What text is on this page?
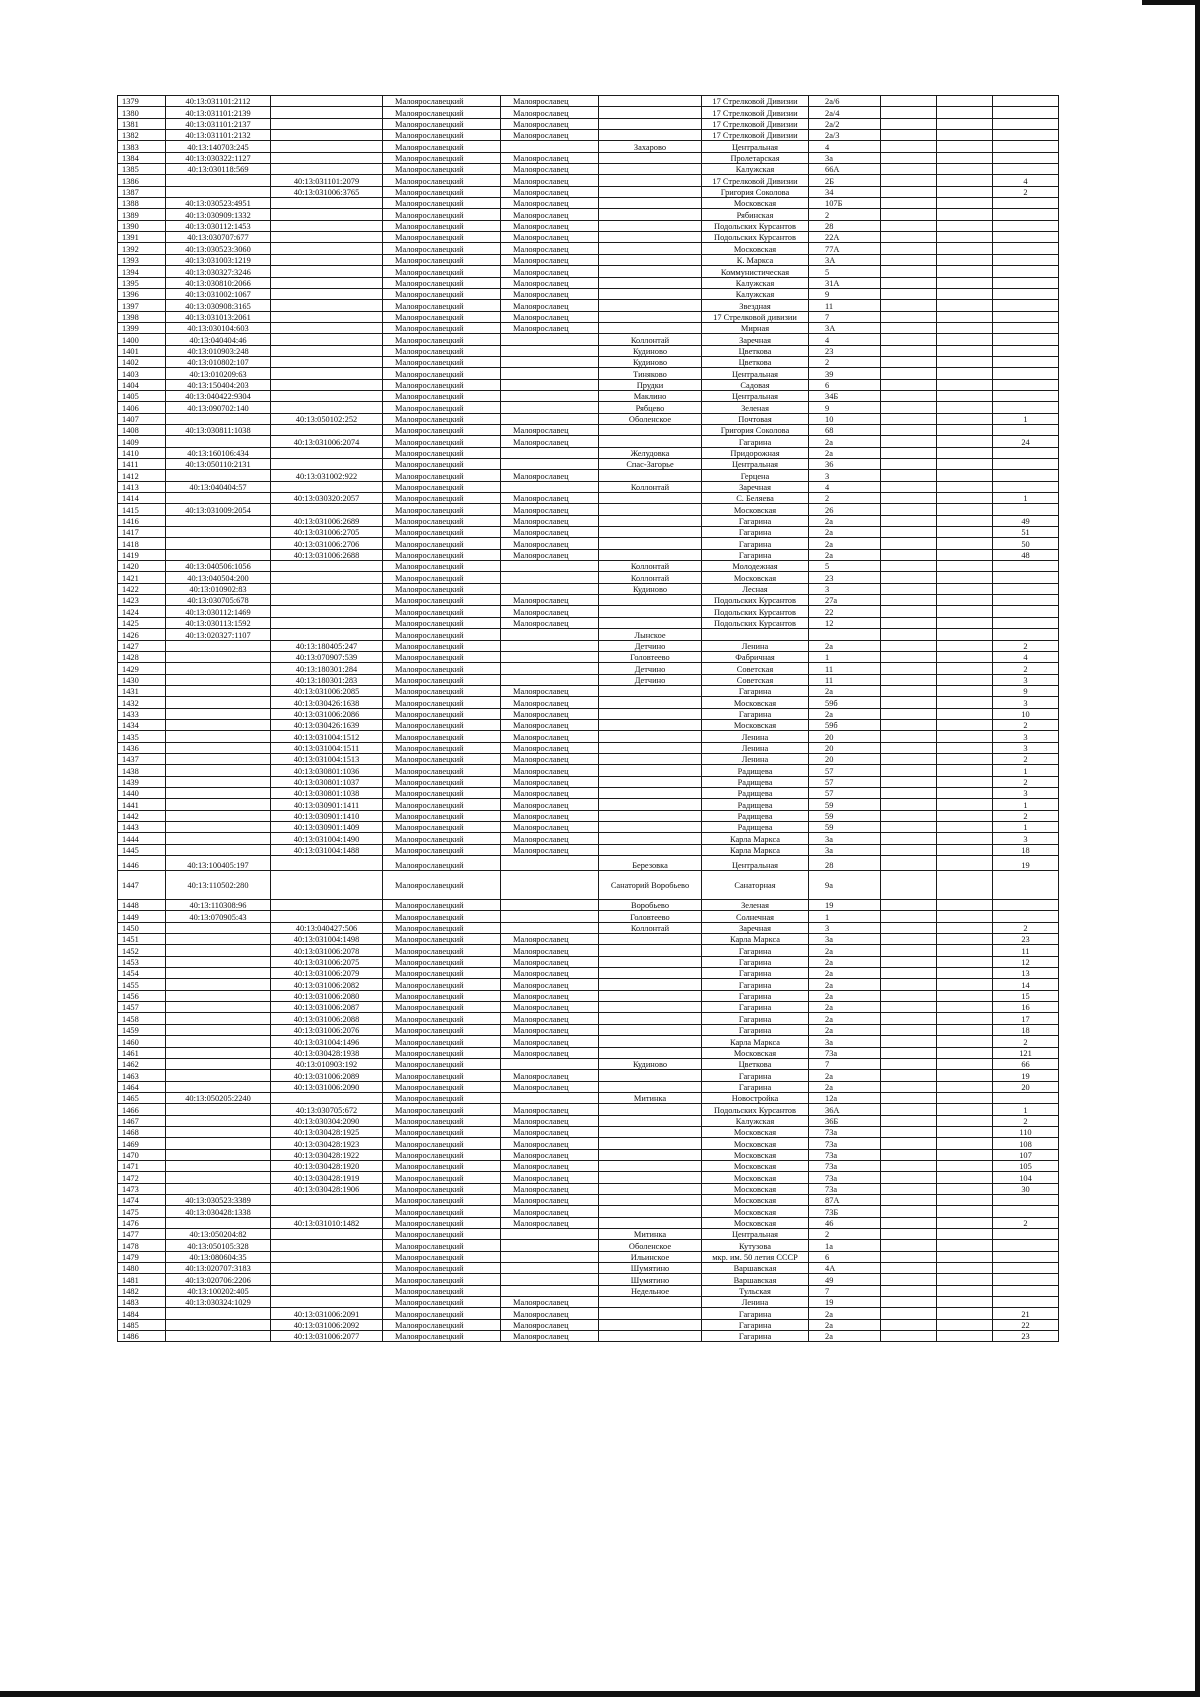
1379	40:13:031101:2112		Малоярославецкий	Малоярославец		17 Стрелковой Дивизии	2а/6			
1380	40:13:031101:2139		Малоярославецкий	Малоярославец		17 Стрелковой Дивизии	2а/4			
1381	40:13:031101:2137		Малоярославецкий	Малоярославец		17 Стрелковой Дивизии	2а/2			
1382	40:13:031101:2132		Малоярославецкий	Малоярославец		17 Стрелковой Дивизии	2а/3			
1383	40:13:140703:245		Малоярославецкий		Захарово	Центральная	4			
1384	40:13:030322:1127		Малоярославецкий	Малоярославец		Пролетарская	3а			
1385	40:13:030118:569		Малоярославецкий	Малоярославец		Калужская	66А			
1386		40:13:031101:2079	Малоярославецкий	Малоярославец		17 Стрелковой Дивизии	2Б			4
1387		40:13:031006:3765	Малоярославецкий	Малоярославец		Григория Соколова	34			2
1388	40:13:030523:4951		Малоярославецкий	Малоярославец		Московская	107Б			
1389	40:13:030909:1332		Малоярославецкий	Малоярославец		Рябинская	2			
1390	40:13:030112:1453		Малоярославецкий	Малоярославец		Подольских Курсантов	28			
1391	40:13:030707:677		Малоярославецкий	Малоярославец		Подольских Курсантов	22А			
1392	40:13:030523:3060		Малоярославецкий	Малоярославец		Московская	77А			
1393	40:13:031003:1219		Малоярославецкий	Малоярославец		К. Маркса	3А			
1394	40:13:030327:3246		Малоярославецкий	Малоярославец		Коммунистическая	5			
1395	40:13:030810:2066		Малоярославецкий	Малоярославец		Калужская	31А			
1396	40:13:031002:1067		Малоярославецкий	Малоярославец		Калужская	9			
1397	40:13:030908:3165		Малоярославецкий	Малоярославец		Звездная	11			
1398	40:13:031013:2061		Малоярославецкий	Малоярославец		17 Стрелковой дивизии	7			
1399	40:13:030104:603		Малоярославецкий	Малоярославец		Мирная	3А			
1400	40:13:040404:46		Малоярославецкий		Коллонтай	Заречная	4			
1401	40:13:010903:248		Малоярославецкий		Кудиново	Цветкова	23			
1402	40:13:010802:107		Малоярославецкий		Кудиново	Цветкова	2			
1403	40:13:010209:63		Малоярославецкий		Тиняково	Центральная	39			
1404	40:13:150404:203		Малоярославецкий		Прудки	Садовая	6			
1405	40:13:040422:9304		Малоярославецкий		Маклино	Центральная	34Б			
1406	40:13:090702:140		Малоярославецкий		Рябцево	Зеленая	9			
1407		40:13:050102:252	Малоярославецкий		Оболенское	Почтовая	10			1
1408	40:13:030811:1038		Малоярославецкий	Малоярославец		Григория Соколова	68			
1409		40:13:031006:2074	Малоярославецкий	Малоярославец		Гагарина	2а			24
1410	40:13:160106:434		Малоярославецкий		Желудовка	Придорожная	2а			
1411	40:13:050110:2131		Малоярославецкий		Спас-Загорье	Центральная	36			
1412		40:13:031002:922	Малоярославецкий	Малоярославец		Герцена	3			
1413	40:13:040404:57		Малоярославецкий		Коллонтай	Заречная	4			
1414		40:13:030320:2057	Малоярославецкий	Малоярославец		С. Беляева	2			1
1415	40:13:031009:2054		Малоярославецкий	Малоярославец		Московская	26			
1416		40:13:031006:2689	Малоярославецкий	Малоярославец		Гагарина	2а			49
1417		40:13:031006:2705	Малоярославецкий	Малоярославец		Гагарина	2а			51
1418		40:13:031006:2706	Малоярославецкий	Малоярославец		Гагарина	2а			50
1419		40:13:031006:2688	Малоярославецкий	Малоярославец		Гагарина	2а			48
1420	40:13:040506:1056		Малоярославецкий		Коллонтай	Молодежная	5			
1421	40:13:040504:200		Малоярославецкий		Коллонтай	Московская	23			
1422	40:13:010902:83		Малоярославецкий		Кудиново	Лесная	3			
1423	40:13:030705:678		Малоярославецкий	Малоярославец		Подольских Курсантов	27а			
1424	40:13:030112:1469		Малоярославецкий	Малоярославец		Подольских Курсантов	22			
1425	40:13:030113:1592		Малоярославецкий	Малоярославец		Подольских Курсантов	12			
1426	40:13:020327:1107		Малоярославецкий		Лынское					
1427		40:13:180405:247	Малоярославецкий		Детчино	Ленина	2а			2
1428		40:13:070907:539	Малоярославецкий		Головтеево	Фабричная	1			4
1429		40:13:180301:284	Малоярославецкий		Детчино	Советская	11			2
1430		40:13:180301:283	Малоярославецкий		Детчино	Советская	11			3
1431		40:13:031006:2085	Малоярославецкий	Малоярославец		Гагарина	2а			9
1432		40:13:030426:1638	Малоярославецкий	Малоярославец		Московская	59б			3
1433		40:13:031006:2086	Малоярославецкий	Малоярославец		Гагарина	2а			10
1434		40:13:030426:1639	Малоярославецкий	Малоярославец		Московская	59б			2
1435		40:13:031004:1512	Малоярославецкий	Малоярославец		Ленина	20			3
1436		40:13:031004:1511	Малоярославецкий	Малоярославец		Ленина	20			3
1437		40:13:031004:1513	Малоярославецкий	Малоярославец		Ленина	20			2
1438		40:13:030801:1036	Малоярославецкий	Малоярославец		Радищева	57			1
1439		40:13:030801:1037	Малоярославецкий	Малоярославец		Радищева	57			2
1440		40:13:030801:1038	Малоярославецкий	Малоярославец		Радищева	57			3
1441		40:13:030901:1411	Малоярославецкий	Малоярославец		Радищева	59			1
1442		40:13:030901:1410	Малоярославецкий	Малоярославец		Радищева	59			2
1443		40:13:030901:1409	Малоярославецкий	Малоярославец		Радищева	59			1
1444		40:13:031004:1490	Малоярославецкий	Малоярославец		Карла Маркса	3а			3
1445		40:13:031004:1488	Малоярославецкий	Малоярославец		Карла Маркса	3а			18
1446	40:13:100405:197		Малоярославецкий		Березовка	Центральная	28			19
1447	40:13:110502:280		Малоярославецкий		Санаторий Воробьево	Санаторная	9а			
1448	40:13:110308:96		Малоярославецкий		Воробьево	Зеленая	19			
1449	40:13:070905:43		Малоярославецкий		Головтеево	Солнечная	1			
1450		40:13:040427:506	Малоярославецкий		Коллонтай	Заречная	3			2
1451		40:13:031004:1498	Малоярославецкий	Малоярославец		Карла Маркса	3а			23
1452		40:13:031006:2078	Малоярославецкий	Малоярославец		Гагарина	2а			11
1453		40:13:031006:2075	Малоярославецкий	Малоярославец		Гагарина	2а			12
1454		40:13:031006:2079	Малоярославецкий	Малоярославец		Гагарина	2а			13
1455		40:13:031006:2082	Малоярославецкий	Малоярославец		Гагарина	2а			14
1456		40:13:031006:2080	Малоярославецкий	Малоярославец		Гагарина	2а			15
1457		40:13:031006:2087	Малоярославецкий	Малоярославец		Гагарина	2а			16
1458		40:13:031006:2088	Малоярославецкий	Малоярославец		Гагарина	2а			17
1459		40:13:031006:2076	Малоярославецкий	Малоярославец		Гагарина	2а			18
1460		40:13:031004:1496	Малоярославецкий	Малоярославец		Карла Маркса	3а			2
1461		40:13:030428:1938	Малоярославецкий	Малоярославец		Московская	73а			121
1462		40:13:010903:192	Малоярославецкий		Кудиново	Цветкова	7			66
1463		40:13:031006:2089	Малоярославецкий	Малоярославец		Гагарина	2а			19
1464		40:13:031006:2090	Малоярославецкий	Малоярославец		Гагарина	2а			20
1465	40:13:050205:2240		Малоярославецкий		Митинка	Новостройка	12а			
1466		40:13:030705:672	Малоярославецкий	Малоярославец		Подольских Курсантов	36А			1
1467		40:13:030304:2090	Малоярославецкий	Малоярославец		Калужская	36Б			2
1468		40:13:030428:1925	Малоярославецкий	Малоярославец		Московская	73а			110
1469		40:13:030428:1923	Малоярославецкий	Малоярославец		Московская	73а			108
1470		40:13:030428:1922	Малоярославецкий	Малоярославец		Московская	73а			107
1471		40:13:030428:1920	Малоярославецкий	Малоярославец		Московская	73а			105
1472		40:13:030428:1919	Малоярославецкий	Малоярославец		Московская	73а			104
1473		40:13:030428:1906	Малоярославецкий	Малоярославец		Московская	73а			30
1474	40:13:030523:3389		Малоярославецкий	Малоярославец		Московская	87А			
1475	40:13:030428:1338		Малоярославецкий	Малоярославец		Московская	73Б			
1476		40:13:031010:1482	Малоярославецкий	Малоярославец		Московская	46			2
1477	40:13:050204:82		Малоярославецкий		Митинка	Центральная	2			
1478	40:13:050105:328		Малоярославецкий		Оболенское	Кутузова	1а			
1479	40:13:080604:35		Малоярославецкий		Ильинское	мкр. им. 50 летия СССР	6			
1480	40:13:020707:3183		Малоярославецкий		Шумятино	Варшавская	4А			
1481	40:13:020706:2206		Малоярославецкий		Шумятино	Варшавская	49			
1482	40:13:100202:405		Малоярославецкий		Недельное	Тульская	7			
1483	40:13:030324:1029		Малоярославецкий	Малоярославец		Ленина	19			
1484		40:13:031006:2091	Малоярославецкий	Малоярославец		Гагарина	2а			21
1485		40:13:031006:2092	Малоярославецкий	Малоярославец		Гагарина	2а			22
1486		40:13:031006:2077	Малоярославецкий	Малоярославец		Гагарина	2а			23
